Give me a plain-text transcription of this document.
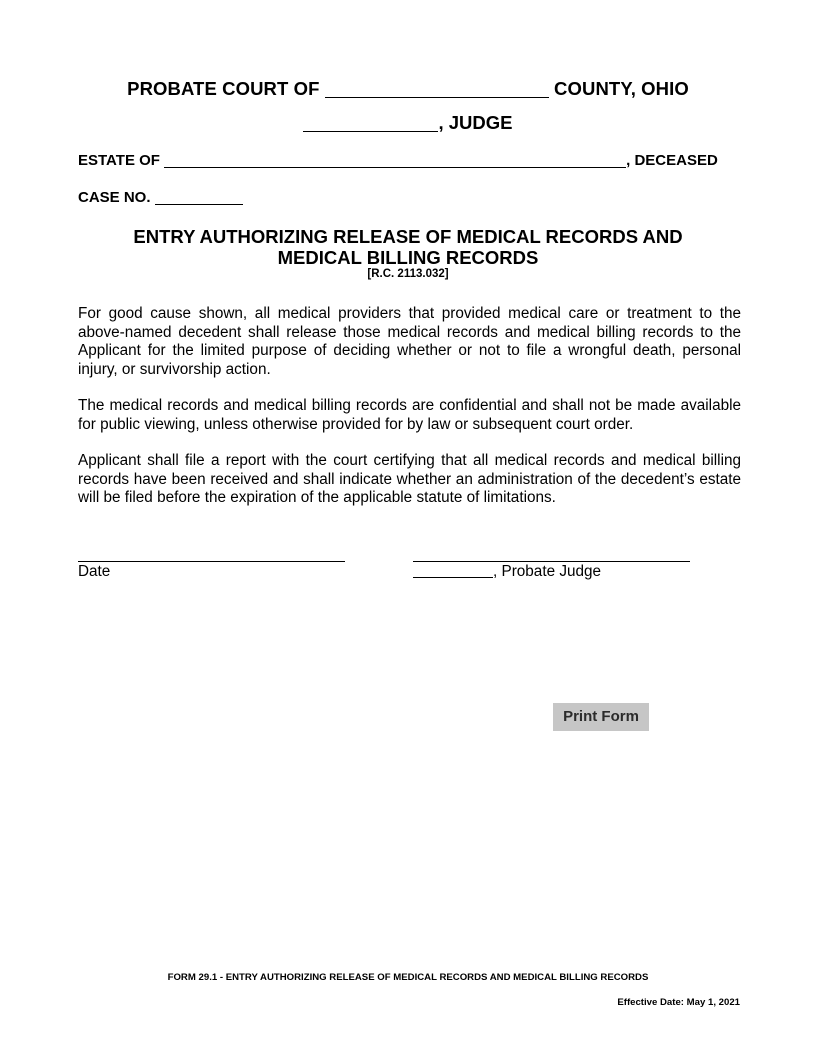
PROBATE COURT OF	COUNTY, OHIO
, JUDGE
ESTATE OF	, DECEASED
CASE NO.
ENTRY AUTHORIZING RELEASE OF MEDICAL RECORDS AND
MEDICAL BILLING RECORDS
[R.C. 2113.032]
For good cause shown, all medical providers that provided medical care or treatment to the above-named decedent shall release those medical records and medical billing records to the Applicant for the limited purpose of deciding whether or not to file a wrongful death, personal injury, or survivorship action.
The medical records and medical billing records are confidential and shall not be made available for public viewing, unless otherwise provided for by law or subsequent court order.
Applicant shall file a report with the court certifying that all medical records and medical billing records have been received and shall indicate whether an administration of the decedent’s estate will be filed before the expiration of the applicable statute of limitations.
Date	, Probate Judge
Print Form
FORM 29.1 - ENTRY AUTHORIZING RELEASE OF MEDICAL RECORDS AND MEDICAL BILLING RECORDS
Effective Date: May 1, 2021
